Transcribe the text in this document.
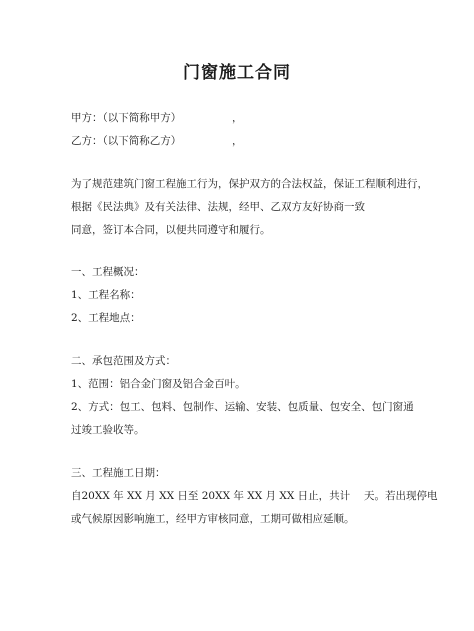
门窗施工合同
甲方：（以下简称甲方）	，
乙方：（以下简称乙方）	，
为了规范建筑门窗工程施工行为，保护双方的合法权益，保证工程顺利进行，
根据《民法典》及有关法律、法规，经甲、乙双方友好协商一致
同意，签订本合同，以便共同遵守和履行。
一、工程概况：
1、工程名称：
2、工程地点：
二、承包范围及方式：
1、范围：铝合金门窗及铝合金百叶。
2、方式：包工、包料、包制作、运输、安装、包质量、包安全、包门窗通
过竣工验收等。
三、工程施工日期：
自20XX 年 XX 月 XX 日至 20XX 年 XX 月 XX 日止，共计　 天。若出现停电
或气候原因影响施工，经甲方审核同意，工期可做相应延顺。
